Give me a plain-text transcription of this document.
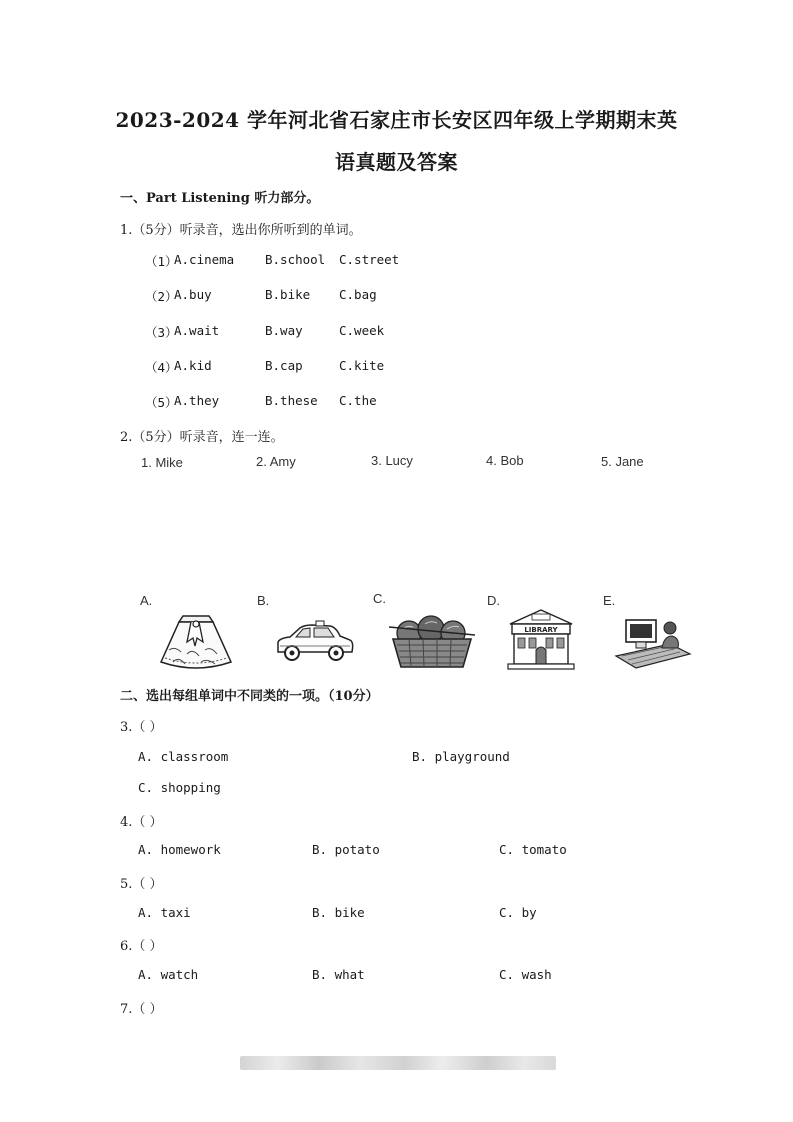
2023-2024 学年河北省石家庄市长安区四年级上学期期末英
语真题及答案
一、Part Listening 听力部分。
1.（5分）听录音，选出你所听到的单词。
（1）
A.cinema B.school C.street
（2）
A.buy	B.bike C.bag
（3）
A.wait	B.way	C.week
（4）
A.kid	B.cap	C.kite
（5）
A.they	B.these C.the
2.（5分）听录音，连一连。
1. Mike	2. Amy	3. Lucy	4. Bob	5. Jane
A.	B.	C.	D.	E.
LIBRARY
二、选出每组单词中不同类的一项。（10分）
3.（ ）
A. classroom	B. playground
C. shopping
4.（ ）
A. homework	B. potato	C. tomato
5.（ ）
A. taxi	B. bike	C. by
6.（ ）
A. watch	B. what	C. wash
7.（ ）
